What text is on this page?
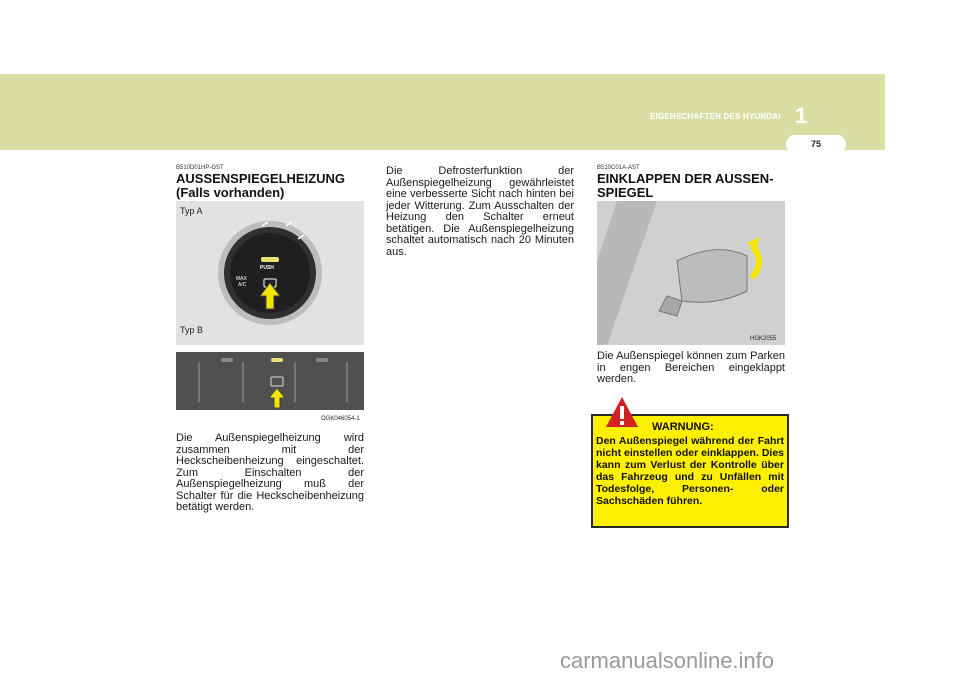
EIGENSCHAFTEN DES HYUNDAI 1
75
B510D01HP-GST
AUSSENSPIEGELHEIZUNG
(Falls vorhanden)
PUSH
MAX
A/C
Typ A
Typ B
OGK046054-1
Die Außenspiegelheizung wird zusammen mit der Heckscheibenheizung eingeschaltet. Zum Einschalten der Außenspiegelheizung muß der Schalter für die Heckscheibenheizung betätigt werden.
Die Defrosterfunktion der Außenspiegelheizung gewährleistet eine verbesserte Sicht nach hinten bei jeder Witterung. Zum Ausschalten der Heizung den Schalter erneut betätigen. Die Außenspiegelheizung schaltet automatisch nach 20 Minuten aus.
B510C01A-AST
EINKLAPPEN DER AUSSEN-
SPIEGEL
HGK2055
Die Außenspiegel können zum Parken in engen Bereichen eingeklappt werden.
WARNUNG:
Den Außenspiegel während der Fahrt nicht einstellen oder einklappen. Dies kann zum Verlust der Kontrolle über das Fahrzeug und zu Unfällen mit Todesfolge, Personen- oder Sachschäden führen.
carmanualsonline.info
